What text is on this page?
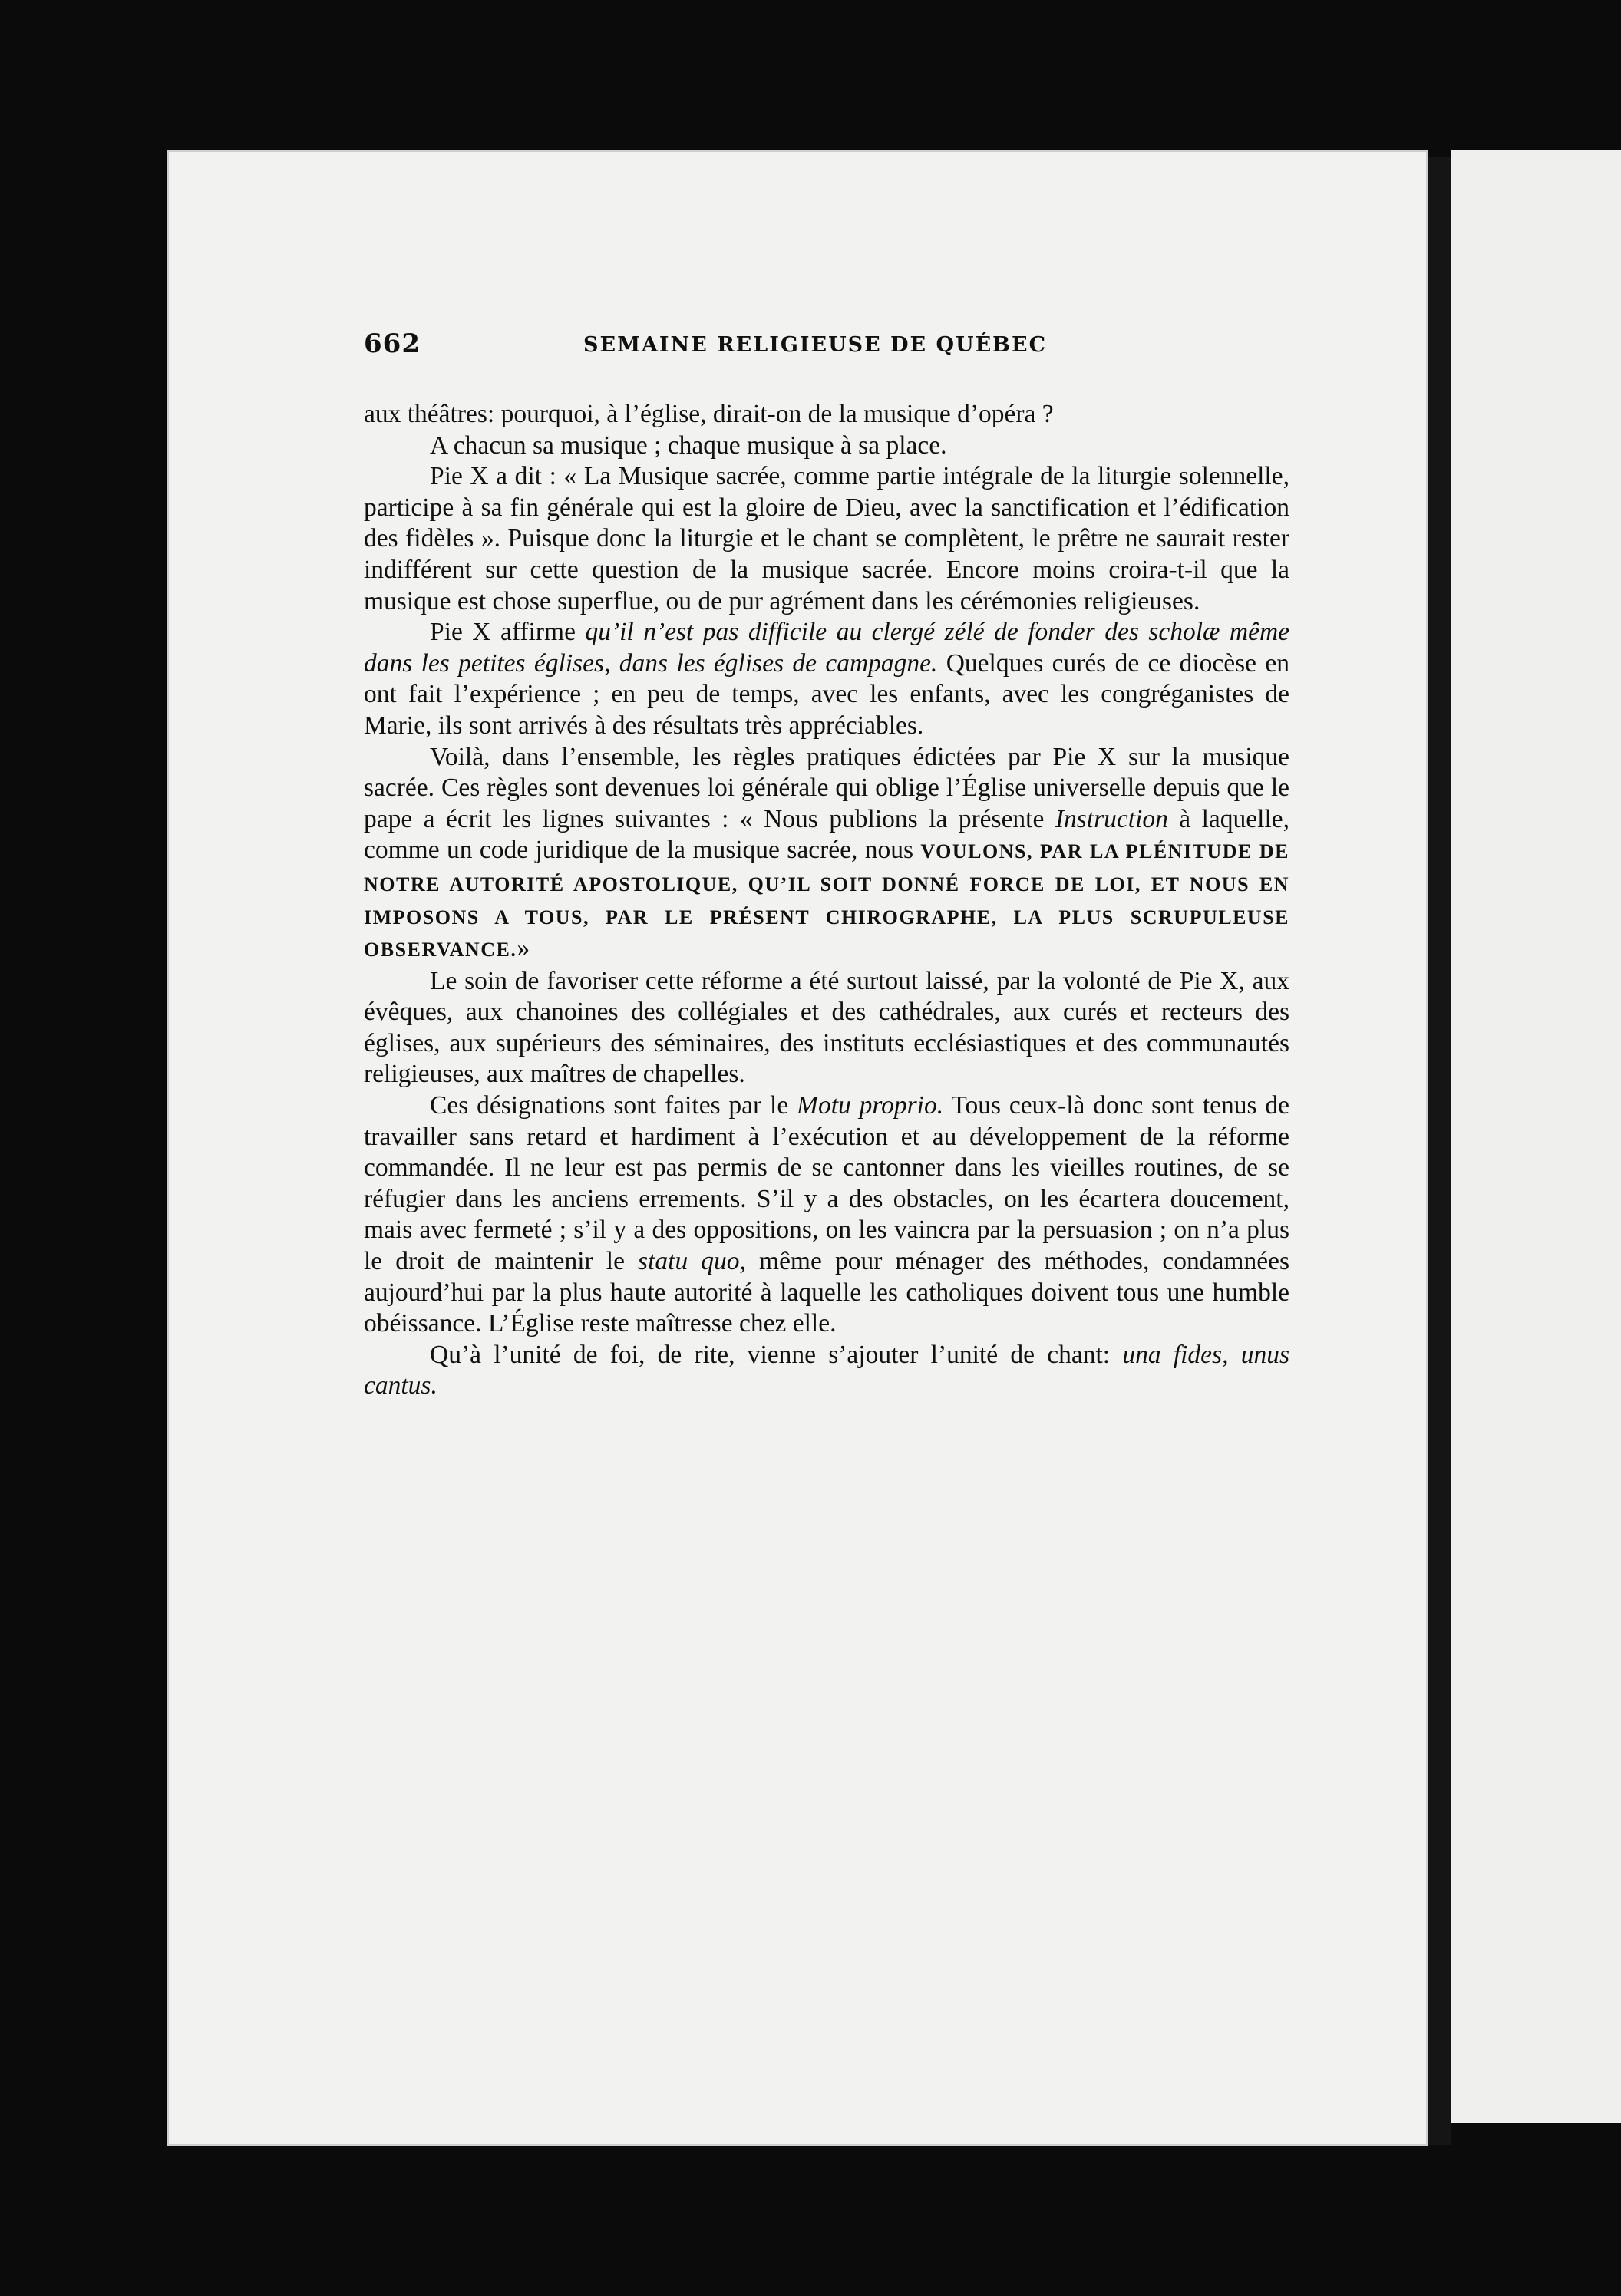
662	SEMAINE RELIGIEUSE DE QUÉBEC

aux théâtres: pourquoi, à l’église, dirait-on de la musique d’opéra ?

A chacun sa musique ; chaque musique à sa place.

Pie X a dit : « La Musique sacrée, comme partie intégrale de la liturgie solennelle, participe à sa fin générale qui est la gloire de Dieu, avec la sanctification et l’édification des fidèles ». Puisque donc la liturgie et le chant se complètent, le prêtre ne saurait rester indifférent sur cette question de la musique sacrée. Encore moins croira-t-il que la musique est chose superflue, ou de pur agrément dans les cérémonies religieuses.

Pie X affirme qu’il n’est pas difficile au clergé zélé de fonder des scholæ même dans les petites églises, dans les églises de campagne. Quelques curés de ce diocèse en ont fait l’expérience ; en peu de temps, avec les enfants, avec les congréganistes de Marie, ils sont arrivés à des résultats très appréciables.

Voilà, dans l’ensemble, les règles pratiques édictées par Pie X sur la musique sacrée. Ces règles sont devenues loi générale qui oblige l’Église universelle depuis que le pape a écrit les lignes suivantes : « Nous publions la présente Instruction à laquelle, comme un code juridique de la musique sacrée, nous VOULONS, PAR LA PLÉNITUDE DE NOTRE AUTORITÉ APOSTOLIQUE, QU’IL SOIT DONNÉ FORCE DE LOI, ET NOUS EN IMPOSONS A TOUS, PAR LE PRÉSENT CHIROGRAPHE, LA PLUS SCRUPULEUSE OBSERVANCE.»

Le soin de favoriser cette réforme a été surtout laissé, par la volonté de Pie X, aux évêques, aux chanoines des collégiales et des cathédrales, aux curés et recteurs des églises, aux supérieurs des séminaires, des instituts ecclésiastiques et des communautés religieuses, aux maîtres de chapelles.

Ces désignations sont faites par le Motu proprio. Tous ceux-là donc sont tenus de travailler sans retard et hardiment à l’exécution et au développement de la réforme commandée. Il ne leur est pas permis de se cantonner dans les vieilles routines, de se réfugier dans les anciens errements. S’il y a des obstacles, on les écartera doucement, mais avec fermeté ; s’il y a des oppositions, on les vaincra par la persuasion ; on n’a plus le droit de maintenir le statu quo, même pour ménager des méthodes, condamnées aujourd’hui par la plus haute autorité à laquelle les catholiques doivent tous une humble obéissance. L’Église reste maîtresse chez elle.

Qu’à l’unité de foi, de rite, vienne s’ajouter l’unité de chant: una fides, unus cantus.
